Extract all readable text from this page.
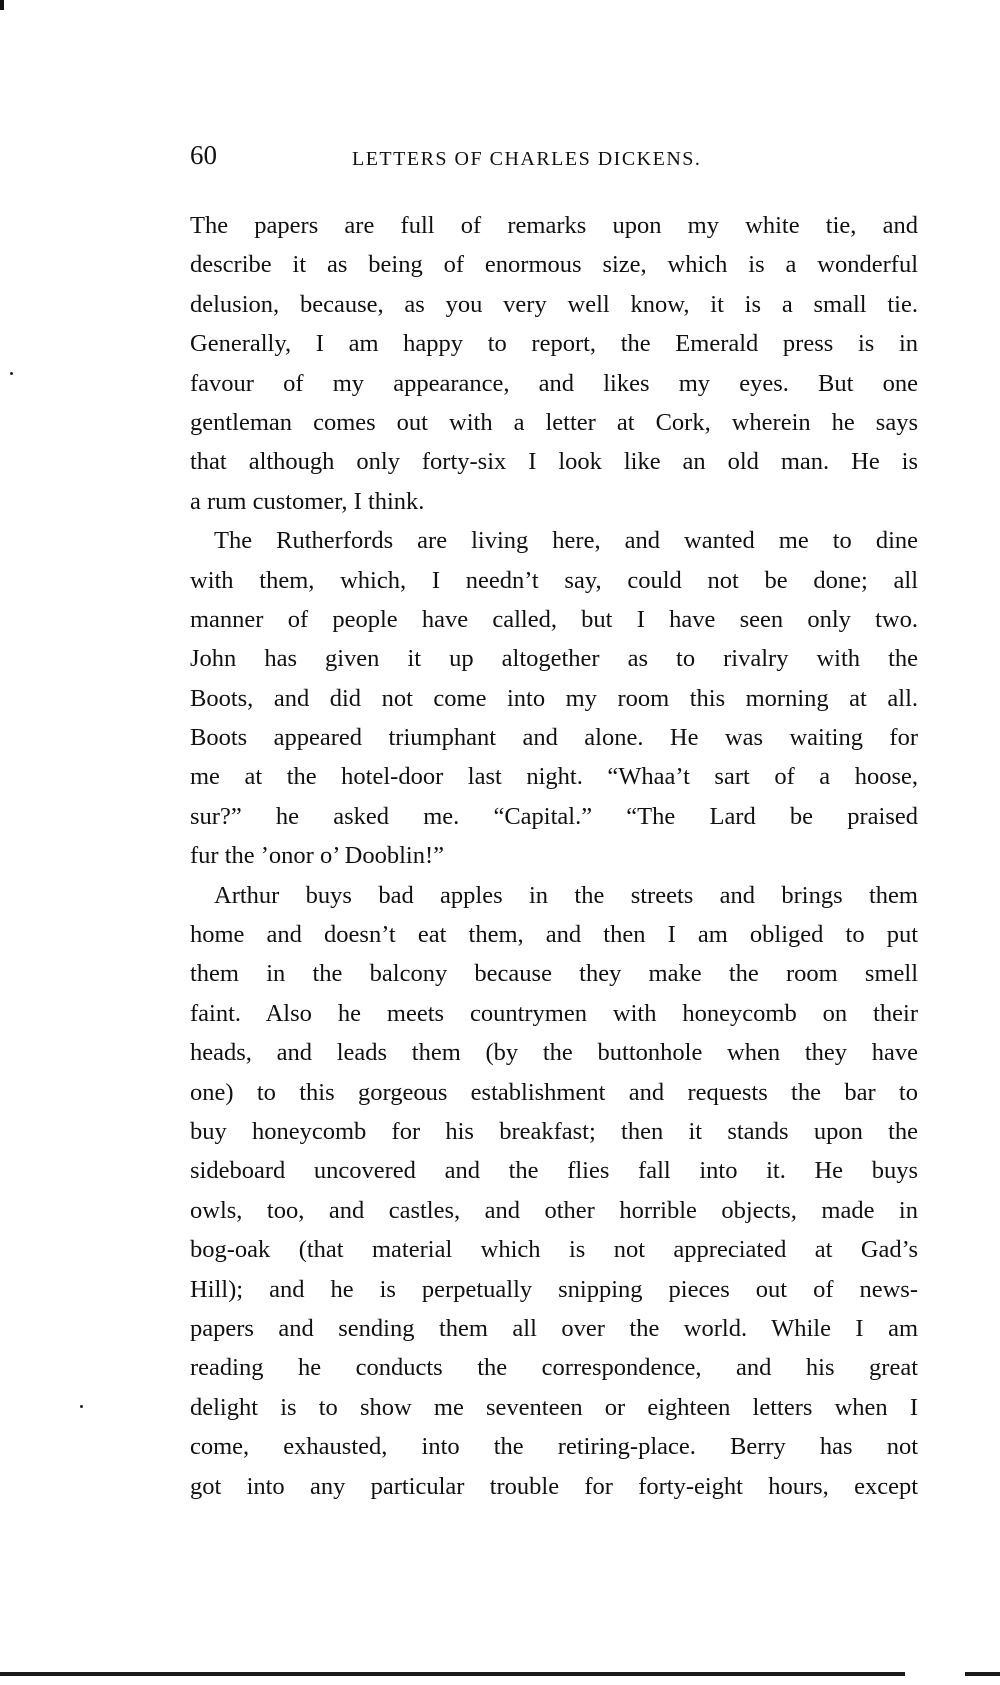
60	LETTERS OF CHARLES DICKENS.
The papers are full of remarks upon my white tie, and
describe it as being of enormous size, which is a wonderful
delusion, because, as you very well know, it is a small tie.
Generally, I am happy to report, the Emerald press is in
favour of my appearance, and likes my eyes. But one
gentleman comes out with a letter at Cork, wherein he says
that although only forty-six I look like an old man. He is
a rum customer, I think.
The Rutherfords are living here, and wanted me to dine
with them, which, I needn’t say, could not be done; all
manner of people have called, but I have seen only two.
John has given it up altogether as to rivalry with the
Boots, and did not come into my room this morning at all.
Boots appeared triumphant and alone. He was waiting for
me at the hotel-door last night. “Whaa’t sart of a hoose,
sur?” he asked me. “Capital.” “The Lard be praised
fur the ’onor o’ Dooblin!”
Arthur buys bad apples in the streets and brings them
home and doesn’t eat them, and then I am obliged to put
them in the balcony because they make the room smell
faint. Also he meets countrymen with honeycomb on their
heads, and leads them (by the buttonhole when they have
one) to this gorgeous establishment and requests the bar to
buy honeycomb for his breakfast; then it stands upon the
sideboard uncovered and the flies fall into it. He buys
owls, too, and castles, and other horrible objects, made in
bog-oak (that material which is not appreciated at Gad’s
Hill); and he is perpetually snipping pieces out of news-
papers and sending them all over the world. While I am
reading he conducts the correspondence, and his great
delight is to show me seventeen or eighteen letters when I
come, exhausted, into the retiring-place. Berry has not
got into any particular trouble for forty-eight hours, except
